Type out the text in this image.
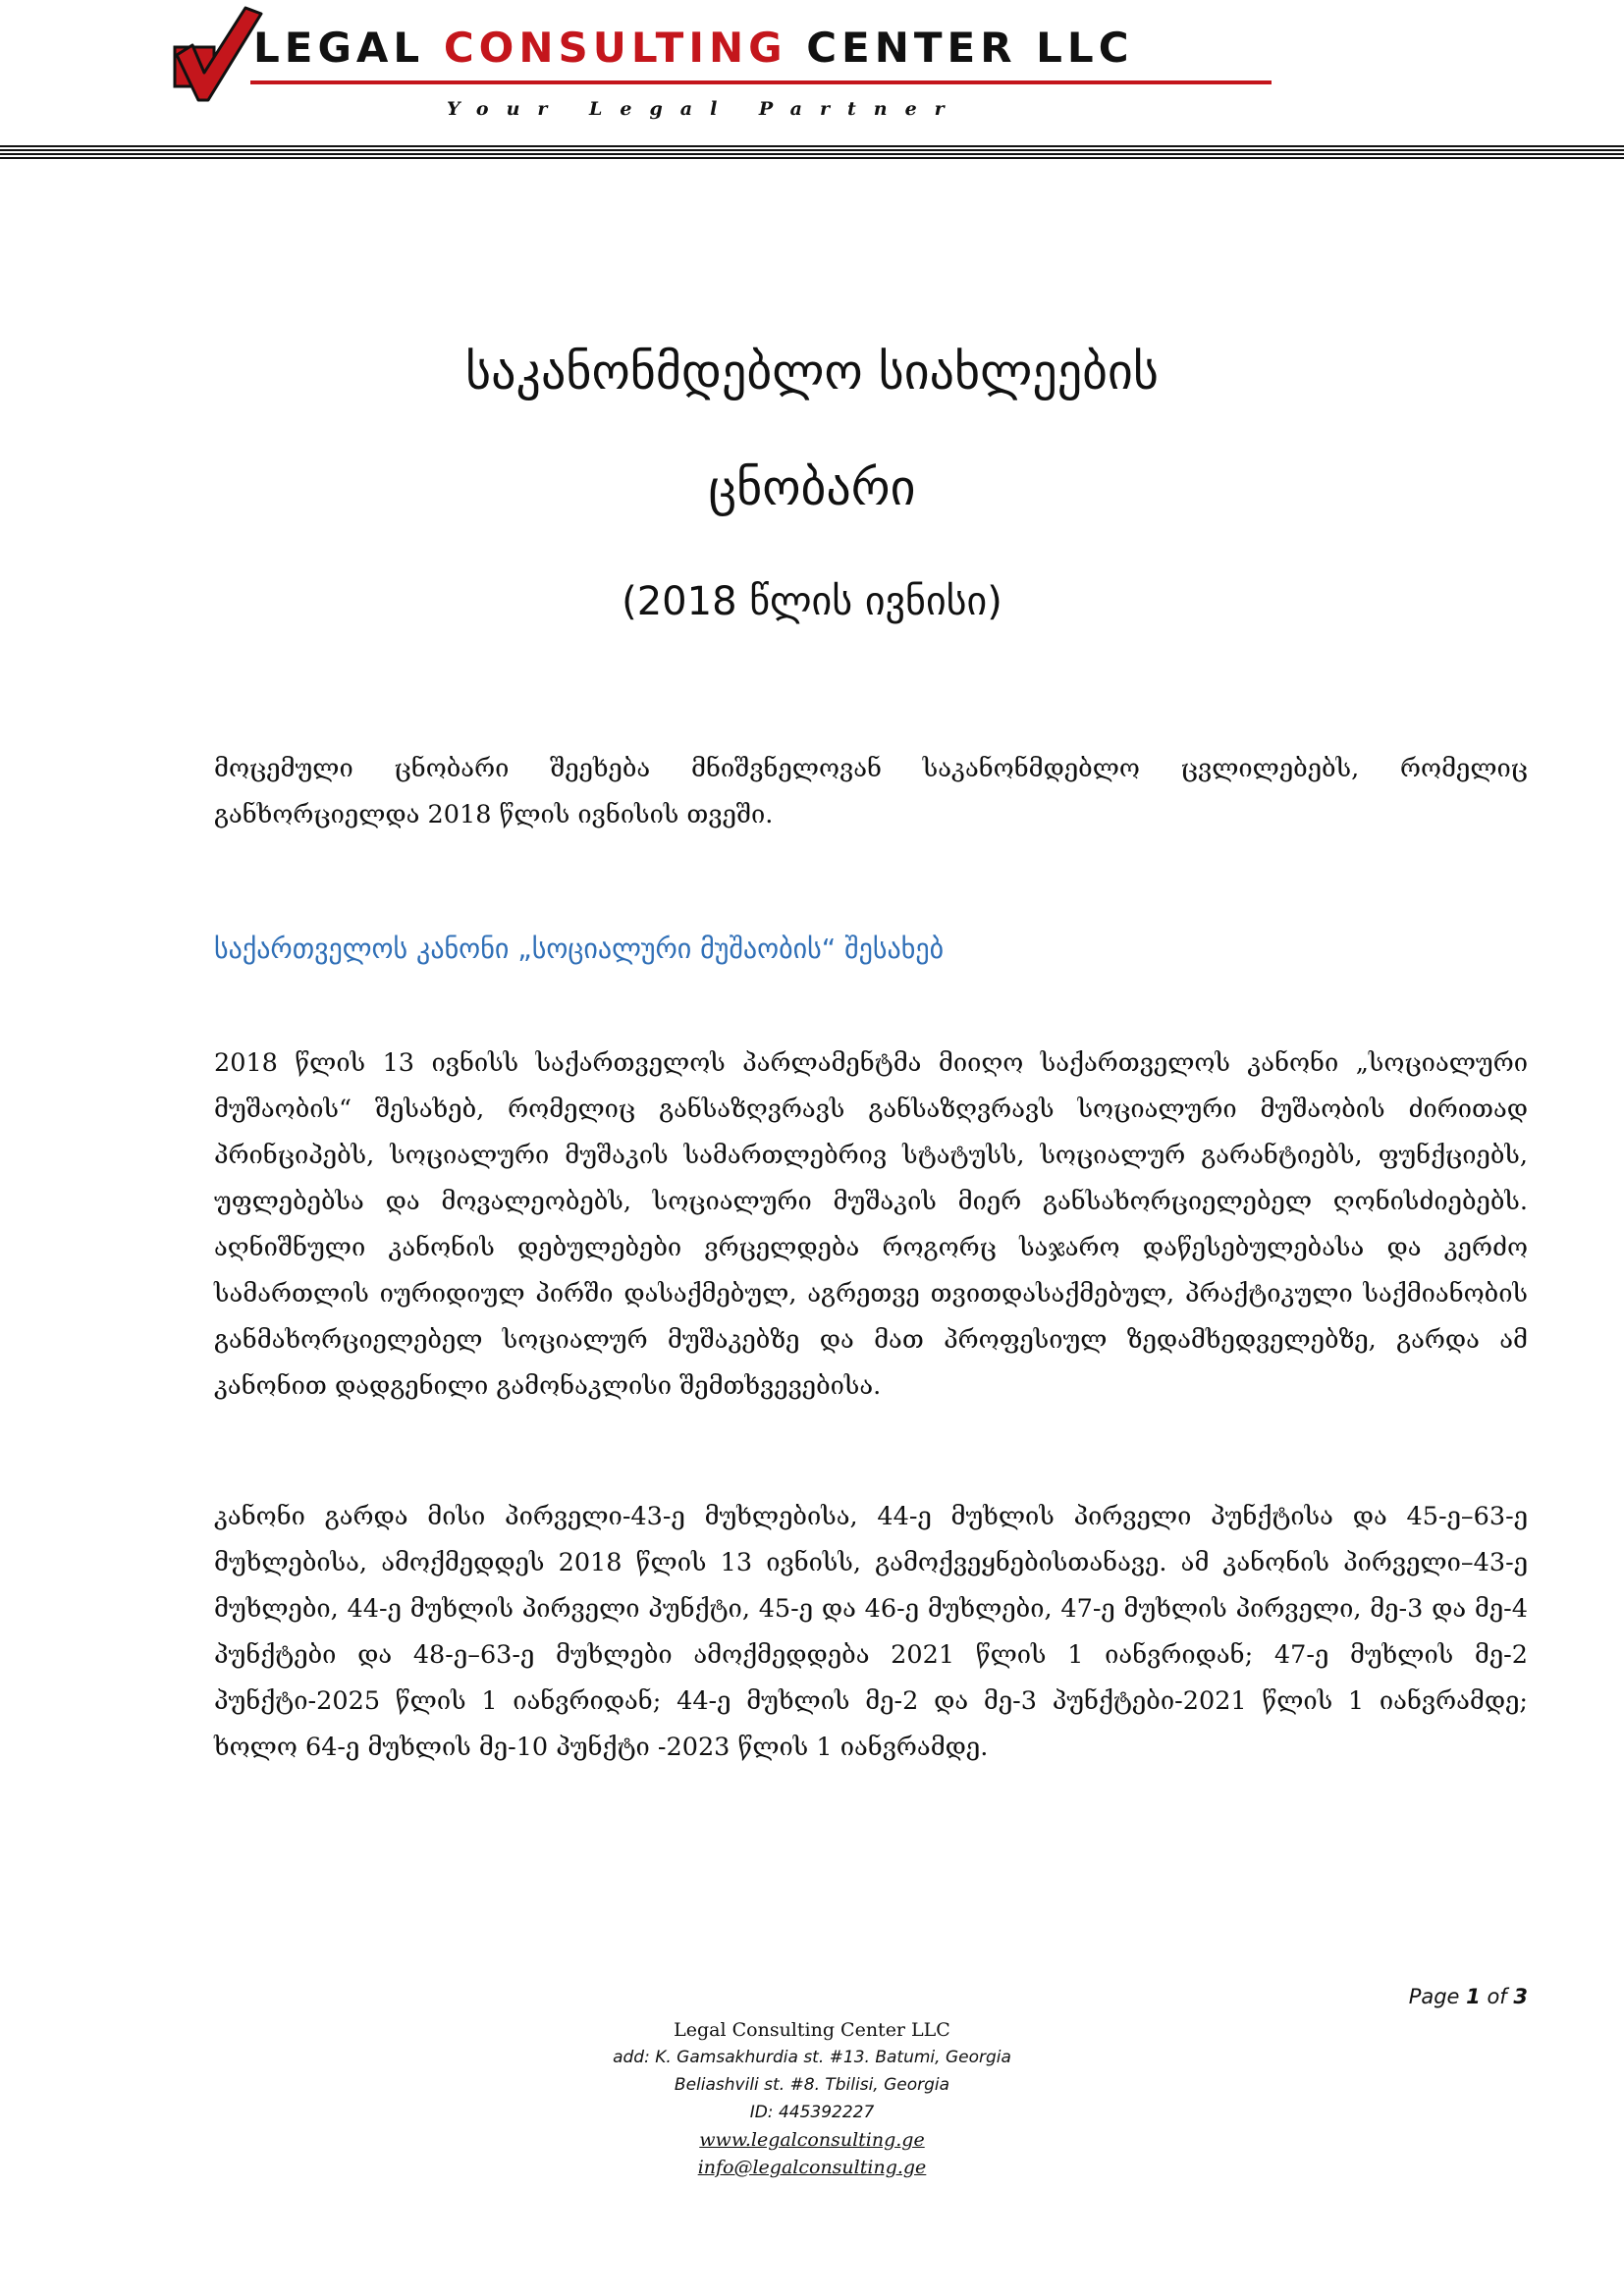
LEGAL CONSULTING CENTER LLC
Your Legal Partner
საკანონმდებლო სიახლეების
ცნობარი
(2018 წლის ივნისი)

მოცემული ცნობარი შეეხება მნიშვნელოვან საკანონმდებლო ცვლილებებს, რომელიც განხორციელდა 2018 წლის ივნისის თვეში.

საქართველოს კანონი „სოციალური მუშაობის“ შესახებ

2018 წლის 13 ივნისს საქართველოს პარლამენტმა მიიღო საქართველოს კანონი „სოციალური მუშაობის“ შესახებ, რომელიც განსაზღვრავს განსაზღვრავს სოციალური მუშაობის ძირითად პრინციპებს, სოციალური მუშაკის სამართლებრივ სტატუსს, სოციალურ გარანტიებს, ფუნქციებს, უფლებებსა და მოვალეობებს, სოციალური მუშაკის მიერ განსახორციელებელ ღონისძიებებს. აღნიშნული კანონის დებულებები ვრცელდება როგორც საჯარო დაწესებულებასა და კერძო სამართლის იურიდიულ პირში დასაქმებულ, აგრეთვე თვითდასაქმებულ, პრაქტიკული საქმიანობის განმახორციელებელ სოციალურ მუშაკებზე და მათ პროფესიულ ზედამხედველებზე, გარდა ამ კანონით დადგენილი გამონაკლისი შემთხვევებისა.

კანონი გარდა მისი პირველი-43-ე მუხლებისა, 44-ე მუხლის პირველი პუნქტისა და 45-ე–63-ე მუხლებისა, ამოქმედდეს 2018 წლის 13 ივნისს, გამოქვეყნებისთანავე. ამ კანონის პირველი–43-ე მუხლები, 44-ე მუხლის პირველი პუნქტი, 45-ე და 46-ე მუხლები, 47-ე მუხლის პირველი, მე-3 და მე-4 პუნქტები და 48-ე–63-ე მუხლები ამოქმედდება 2021 წლის 1 იანვრიდან; 47-ე მუხლის მე-2 პუნქტი-2025 წლის 1 იანვრიდან; 44-ე მუხლის მე-2 და მე-3 პუნქტები-2021 წლის 1 იანვრამდე; ხოლო 64-ე მუხლის მე-10 პუნქტი -2023 წლის 1 იანვრამდე.

Page 1 of 3
Legal Consulting Center LLC
add: K. Gamsakhurdia st. #13. Batumi, Georgia
Beliashvili st. #8. Tbilisi, Georgia
ID: 445392227
www.legalconsulting.ge
info@legalconsulting.ge
